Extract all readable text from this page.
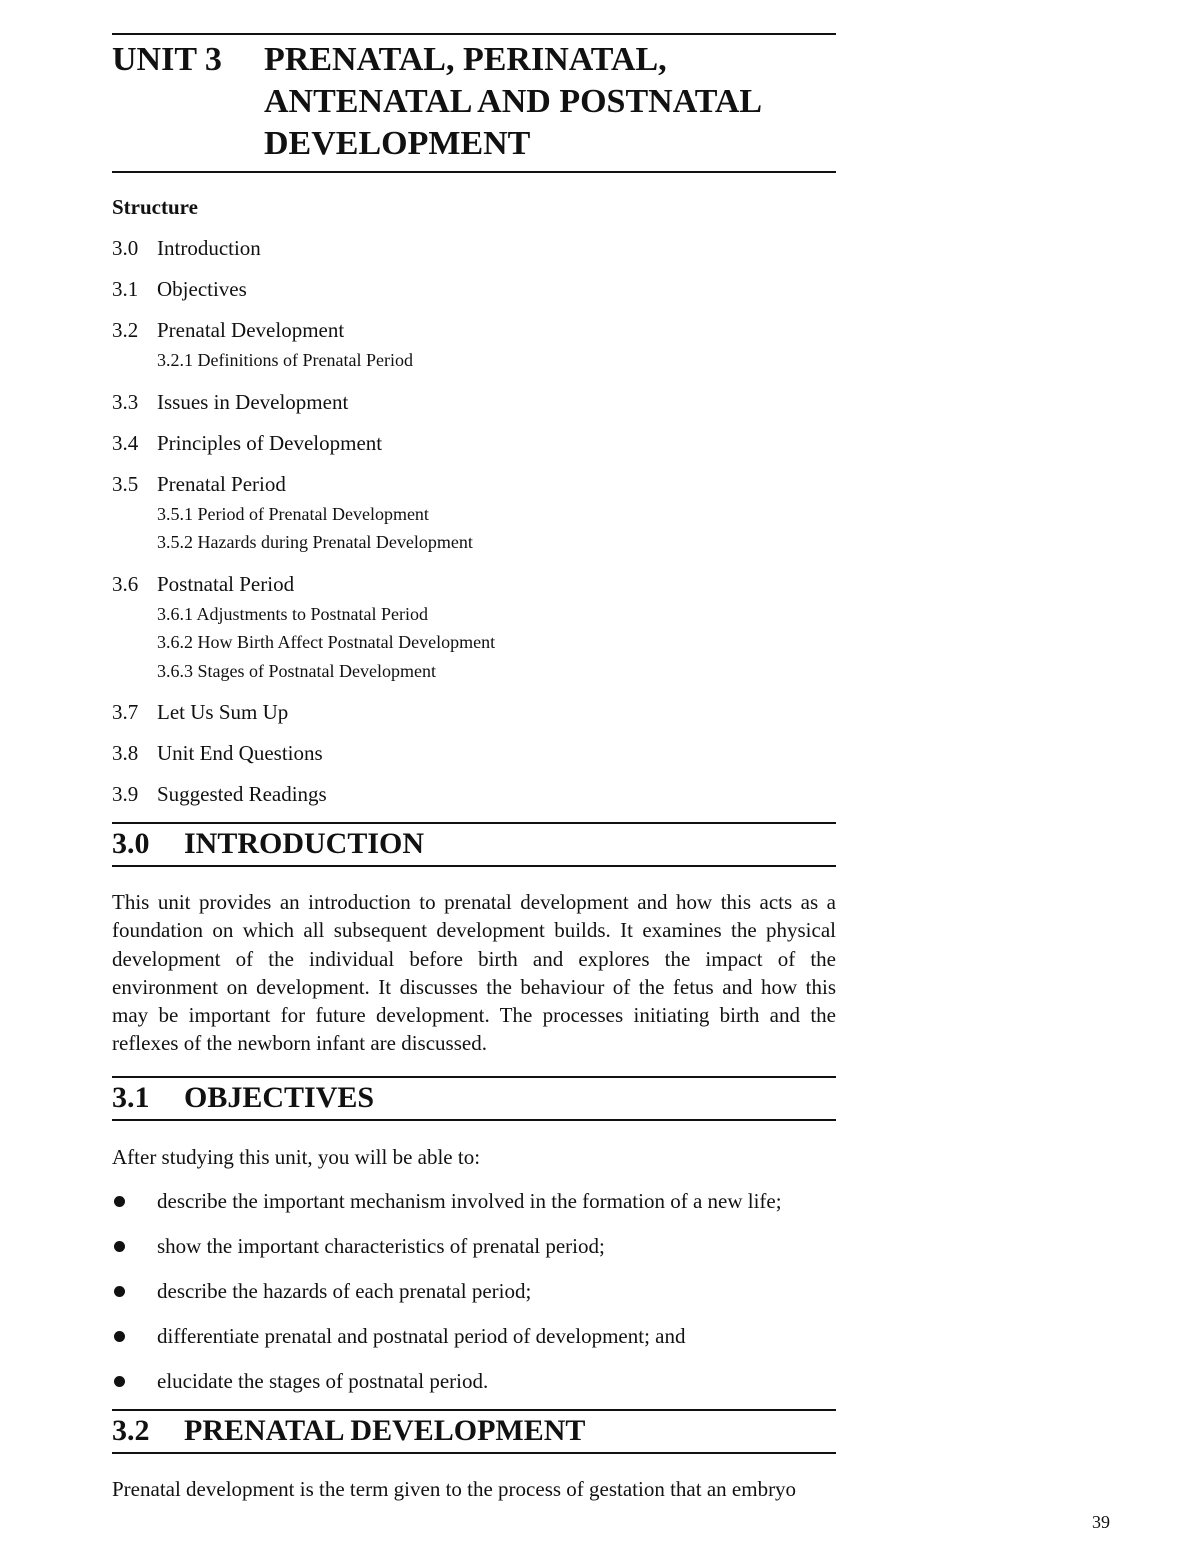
UNIT 3	PRENATAL, PERINATAL,
ANTENATAL AND POSTNATAL
DEVELOPMENT
Structure
3.0 Introduction
3.1 Objectives
3.2 Prenatal Development
3.2.1 Definitions of Prenatal Period
3.3 Issues in Development
3.4 Principles of Development
3.5 Prenatal Period
3.5.1 Period of Prenatal Development
3.5.2 Hazards during Prenatal Development
3.6 Postnatal Period
3.6.1 Adjustments to Postnatal Period
3.6.2 How Birth Affect Postnatal Development
3.6.3 Stages of Postnatal Development
3.7 Let Us Sum Up
3.8 Unit End Questions
3.9 Suggested Readings
3.0	INTRODUCTION
This unit provides an introduction to prenatal development and how this acts as a foundation on which all subsequent development builds. It examines the physical development of the individual before birth and explores the impact of the environment on development. It discusses the behaviour of the fetus and how this may be important for future development. The processes initiating birth and the reflexes of the newborn infant are discussed.
3.1	OBJECTIVES
After studying this unit, you will be able to:
describe the important mechanism involved in the formation of a new life;
show the important characteristics of prenatal period;
describe the hazards of each prenatal period;
differentiate prenatal and postnatal period of development; and
elucidate the stages of postnatal period.
3.2	PRENATAL DEVELOPMENT
Prenatal development is the term given to the process of gestation that an embryo
39
